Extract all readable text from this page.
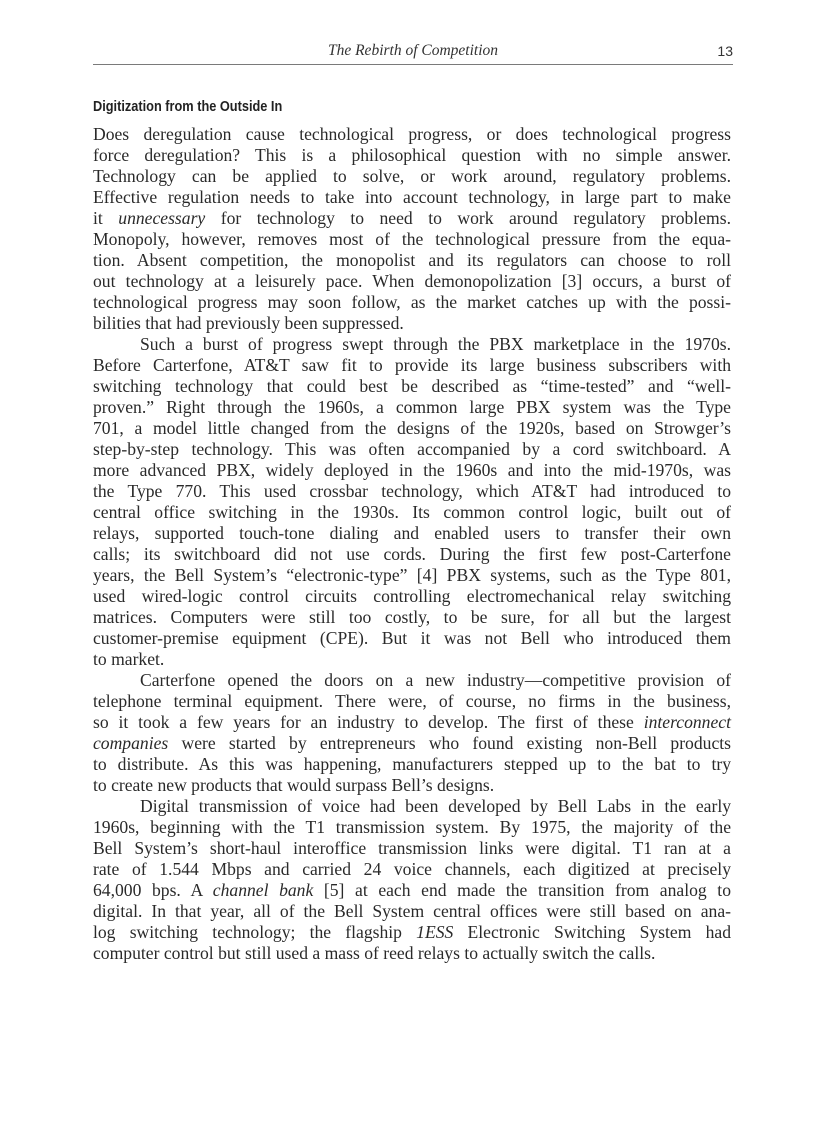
The Rebirth of Competition	13
Digitization from the Outside In
Does deregulation cause technological progress, or does technological progress
force deregulation? This is a philosophical question with no simple answer.
Technology can be applied to solve, or work around, regulatory problems.
Effective regulation needs to take into account technology, in large part to make
it unnecessary for technology to need to work around regulatory problems.
Monopoly, however, removes most of the technological pressure from the equa-
tion. Absent competition, the monopolist and its regulators can choose to roll
out technology at a leisurely pace. When demonopolization [3] occurs, a burst of
technological progress may soon follow, as the market catches up with the possi-
bilities that had previously been suppressed.
Such a burst of progress swept through the PBX marketplace in the 1970s.
Before Carterfone, AT&T saw fit to provide its large business subscribers with
switching technology that could best be described as “time-tested” and “well-
proven.” Right through the 1960s, a common large PBX system was the Type
701, a model little changed from the designs of the 1920s, based on Strowger’s
step-by-step technology. This was often accompanied by a cord switchboard. A
more advanced PBX, widely deployed in the 1960s and into the mid-1970s, was
the Type 770. This used crossbar technology, which AT&T had introduced to
central office switching in the 1930s. Its common control logic, built out of
relays, supported touch-tone dialing and enabled users to transfer their own
calls; its switchboard did not use cords. During the first few post-Carterfone
years, the Bell System’s “electronic-type” [4] PBX systems, such as the Type 801,
used wired-logic control circuits controlling electromechanical relay switching
matrices. Computers were still too costly, to be sure, for all but the largest
customer-premise equipment (CPE). But it was not Bell who introduced them
to market.
Carterfone opened the doors on a new industry—competitive provision of
telephone terminal equipment. There were, of course, no firms in the business,
so it took a few years for an industry to develop. The first of these interconnect
companies were started by entrepreneurs who found existing non-Bell products
to distribute. As this was happening, manufacturers stepped up to the bat to try
to create new products that would surpass Bell’s designs.
Digital transmission of voice had been developed by Bell Labs in the early
1960s, beginning with the T1 transmission system. By 1975, the majority of the
Bell System’s short-haul interoffice transmission links were digital. T1 ran at a
rate of 1.544 Mbps and carried 24 voice channels, each digitized at precisely
64,000 bps. A channel bank [5] at each end made the transition from analog to
digital. In that year, all of the Bell System central offices were still based on ana-
log switching technology; the flagship 1ESS Electronic Switching System had
computer control but still used a mass of reed relays to actually switch the calls.
